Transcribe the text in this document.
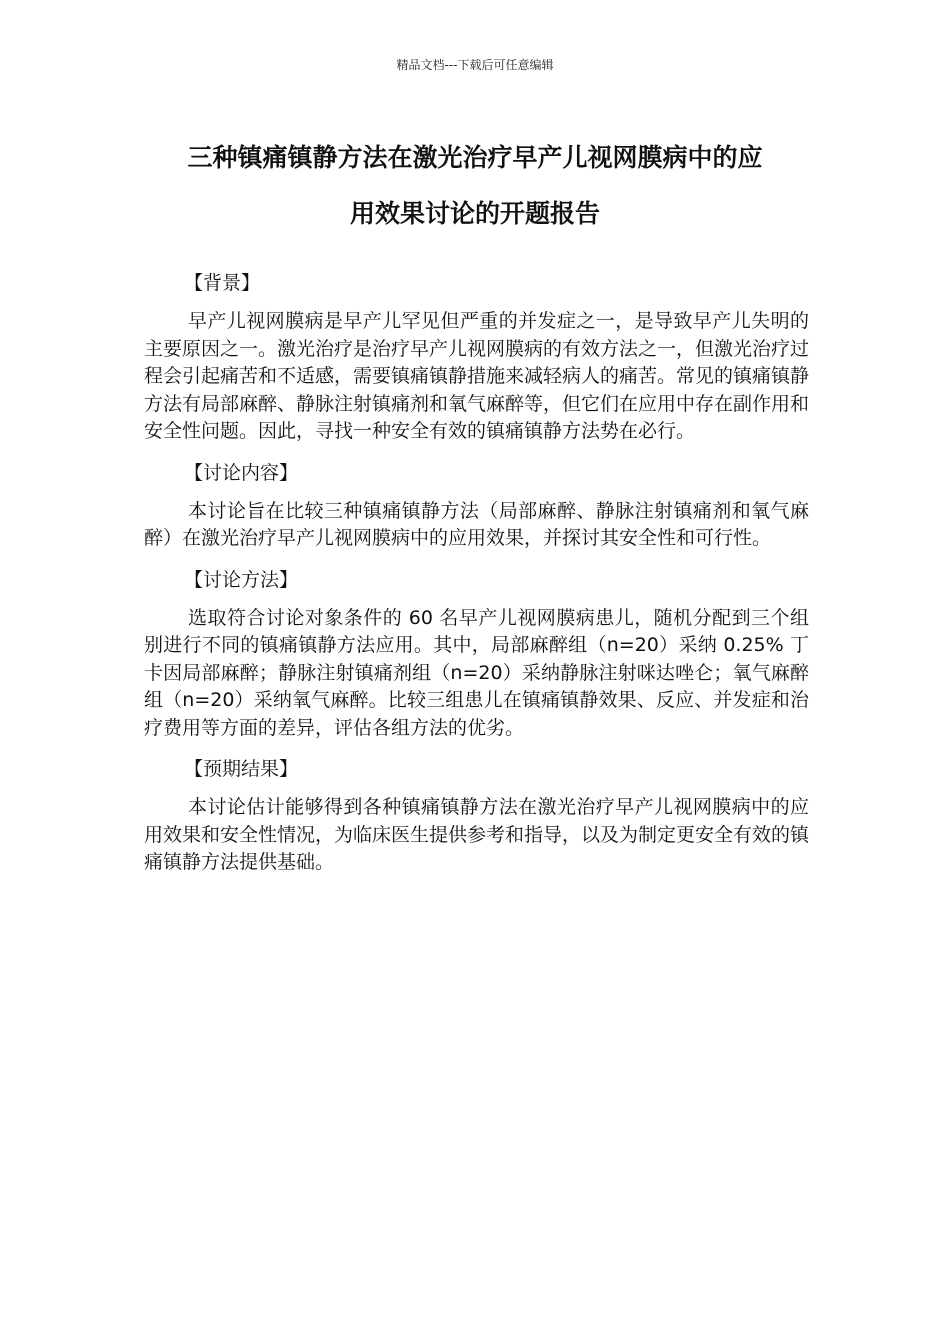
精品文档---下载后可任意编辑
三种镇痛镇静方法在激光治疗早产儿视网膜病中的应
用效果讨论的开题报告

【背景】

早产儿视网膜病是早产儿罕见但严重的并发症之一，是导致早产儿失明的主要原因之一。激光治疗是治疗早产儿视网膜病的有效方法之一，但激光治疗过程会引起痛苦和不适感，需要镇痛镇静措施来减轻病人的痛苦。常见的镇痛镇静方法有局部麻醉、静脉注射镇痛剂和氧气麻醉等，但它们在应用中存在副作用和安全性问题。因此，寻找一种安全有效的镇痛镇静方法势在必行。

【讨论内容】

本讨论旨在比较三种镇痛镇静方法（局部麻醉、静脉注射镇痛剂和氧气麻醉）在激光治疗早产儿视网膜病中的应用效果，并探讨其安全性和可行性。

【讨论方法】

选取符合讨论对象条件的 60 名早产儿视网膜病患儿，随机分配到三个组别进行不同的镇痛镇静方法应用。其中，局部麻醉组（n=20）采纳 0.25% 丁卡因局部麻醉；静脉注射镇痛剂组（n=20）采纳静脉注射咪达唑仑；氧气麻醉组（n=20）采纳氧气麻醉。比较三组患儿在镇痛镇静效果、反应、并发症和治疗费用等方面的差异，评估各组方法的优劣。

【预期结果】

本讨论估计能够得到各种镇痛镇静方法在激光治疗早产儿视网膜病中的应用效果和安全性情况，为临床医生提供参考和指导，以及为制定更安全有效的镇痛镇静方法提供基础。
